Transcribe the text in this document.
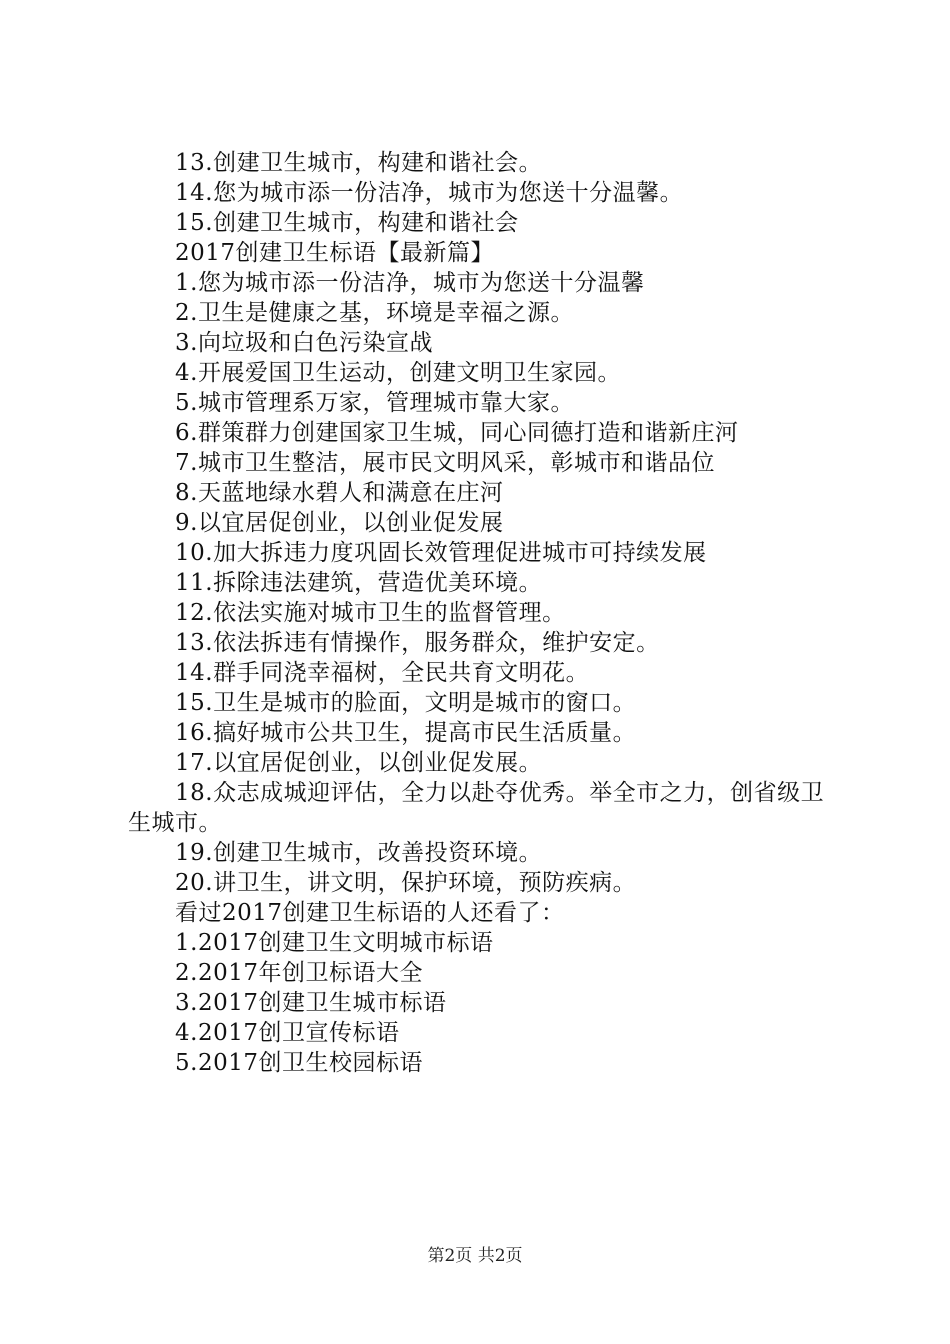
13.创建卫生城市，构建和谐社会。
14.您为城市添一份洁净，城市为您送十分温馨。
15.创建卫生城市，构建和谐社会
2017创建卫生标语【最新篇】
1.您为城市添一份洁净，城市为您送十分温馨
2.卫生是健康之基，环境是幸福之源。
3.向垃圾和白色污染宣战
4.开展爱国卫生运动，创建文明卫生家园。
5.城市管理系万家，管理城市靠大家。
6.群策群力创建国家卫生城，同心同德打造和谐新庄河
7.城市卫生整洁，展市民文明风采，彰城市和谐品位
8.天蓝地绿水碧人和满意在庄河
9.以宜居促创业，以创业促发展
10.加大拆违力度巩固长效管理促进城市可持续发展
11.拆除违法建筑，营造优美环境。
12.依法实施对城市卫生的监督管理。
13.依法拆违有情操作，服务群众，维护安定。
14.群手同浇幸福树，全民共育文明花。
15.卫生是城市的脸面，文明是城市的窗口。
16.搞好城市公共卫生，提高市民生活质量。
17.以宜居促创业，以创业促发展。
18.众志成城迎评估，全力以赴夺优秀。举全市之力，创省级卫生城市。
19.创建卫生城市，改善投资环境。
20.讲卫生，讲文明，保护环境，预防疾病。
看过2017创建卫生标语的人还看了：
1.2017创建卫生文明城市标语
2.2017年创卫标语大全
3.2017创建卫生城市标语
4.2017创卫宣传标语
5.2017创卫生校园标语
第2页 共2页
